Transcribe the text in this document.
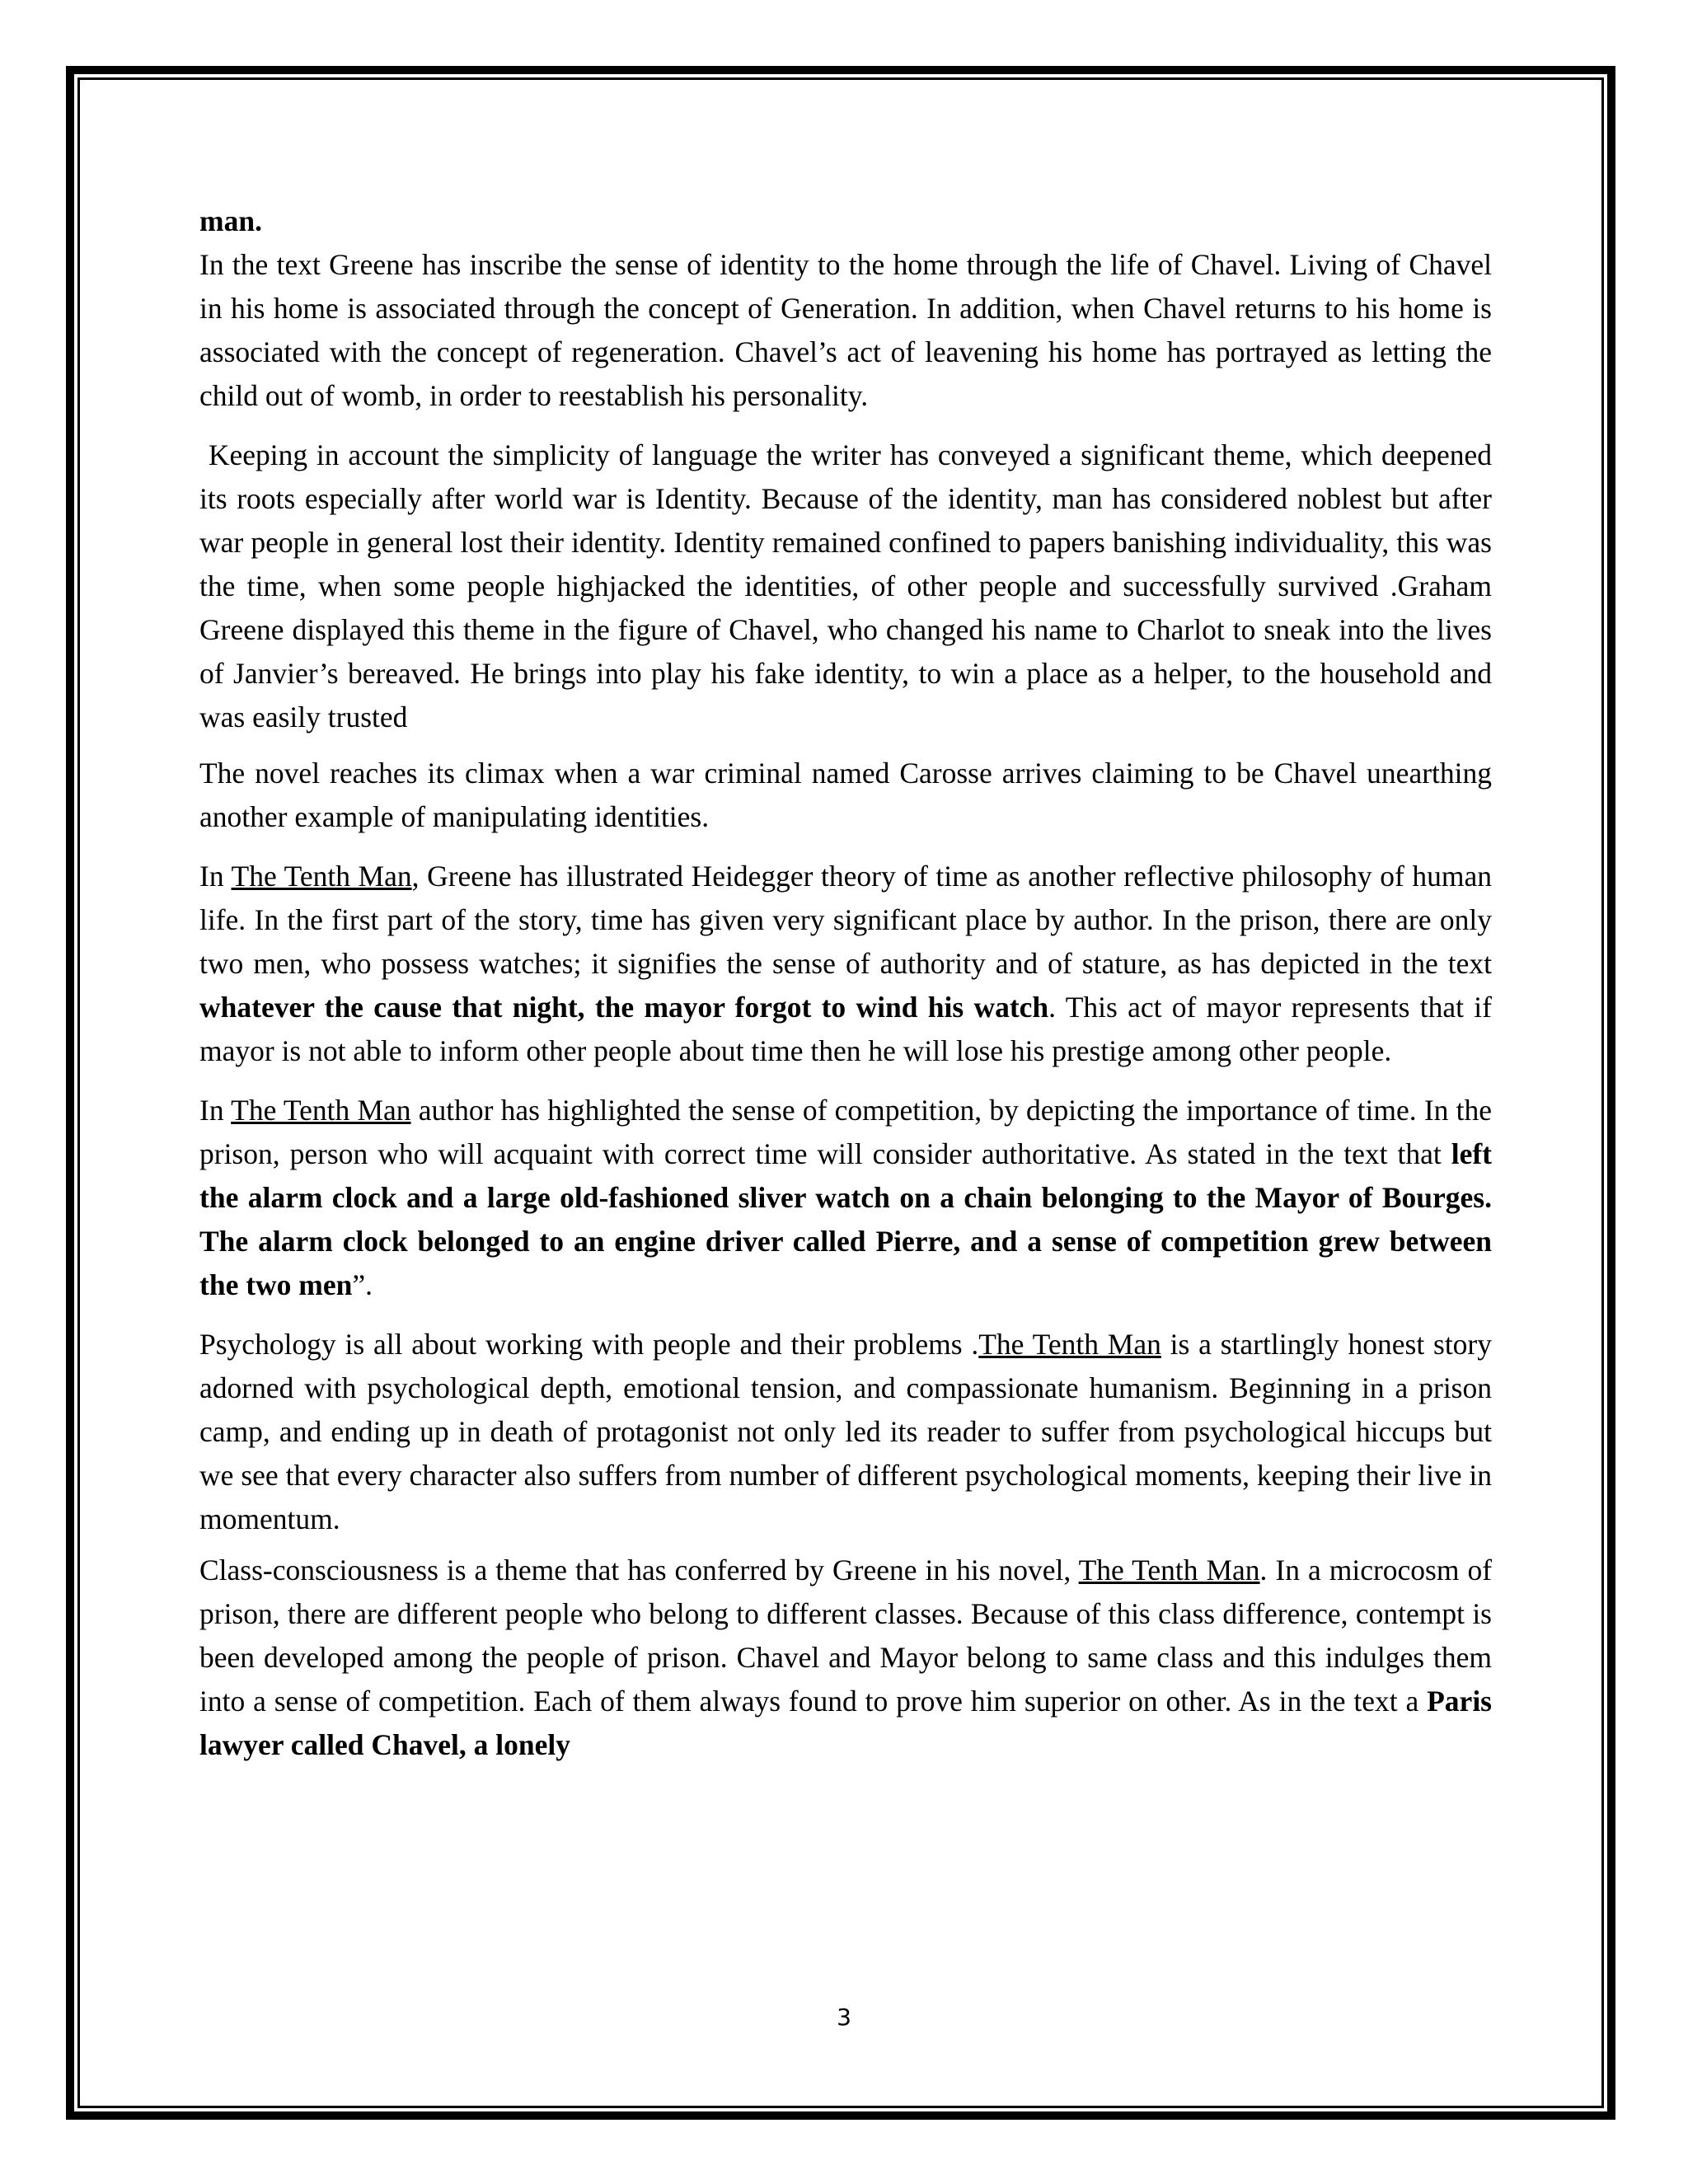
man.

In the text Greene has inscribe the sense of identity to the home through the life of Chavel. Living of Chavel in his home is associated through the concept of Generation. In addition, when Chavel returns to his home is associated with the concept of regeneration. Chavel’s act of leavening his home has portrayed as letting the child out of womb, in order to reestablish his personality.

Keeping in account the simplicity of language the writer has conveyed a significant theme, which deepened its roots especially after world war is Identity. Because of the identity, man has considered noblest but after war people in general lost their identity. Identity remained confined to papers banishing individuality, this was the time, when some people highjacked the identities, of other people and successfully survived .Graham Greene displayed this theme in the figure of Chavel, who changed his name to Charlot to sneak into the lives of Janvier’s bereaved. He brings into play his fake identity, to win a place as a helper, to the household and was easily trusted

The novel reaches its climax when a war criminal named Carosse arrives claiming to be Chavel unearthing another example of manipulating identities.

In The Tenth Man, Greene has illustrated Heidegger theory of time as another reflective philosophy of human life. In the first part of the story, time has given very significant place by author. In the prison, there are only two men, who possess watches; it signifies the sense of authority and of stature, as has depicted in the text whatever the cause that night, the mayor forgot to wind his watch. This act of mayor represents that if mayor is not able to inform other people about time then he will lose his prestige among other people.

In The Tenth Man author has highlighted the sense of competition, by depicting the importance of time. In the prison, person who will acquaint with correct time will consider authoritative. As stated in the text that left the alarm clock and a large old-fashioned sliver watch on a chain belonging to the Mayor of Bourges. The alarm clock belonged to an engine driver called Pierre, and a sense of competition grew between the two men”.

Psychology is all about working with people and their problems .The Tenth Man is a startlingly honest story adorned with psychological depth, emotional tension, and compassionate humanism. Beginning in a prison camp, and ending up in death of protagonist not only led its reader to suffer from psychological hiccups but we see that every character also suffers from number of different psychological moments, keeping their live in momentum.

Class-consciousness is a theme that has conferred by Greene in his novel, The Tenth Man. In a microcosm of prison, there are different people who belong to different classes. Because of this class difference, contempt is been developed among the people of prison. Chavel and Mayor belong to same class and this indulges them into a sense of competition. Each of them always found to prove him superior on other. As in the text a Paris lawyer called Chavel, a lonely

3
